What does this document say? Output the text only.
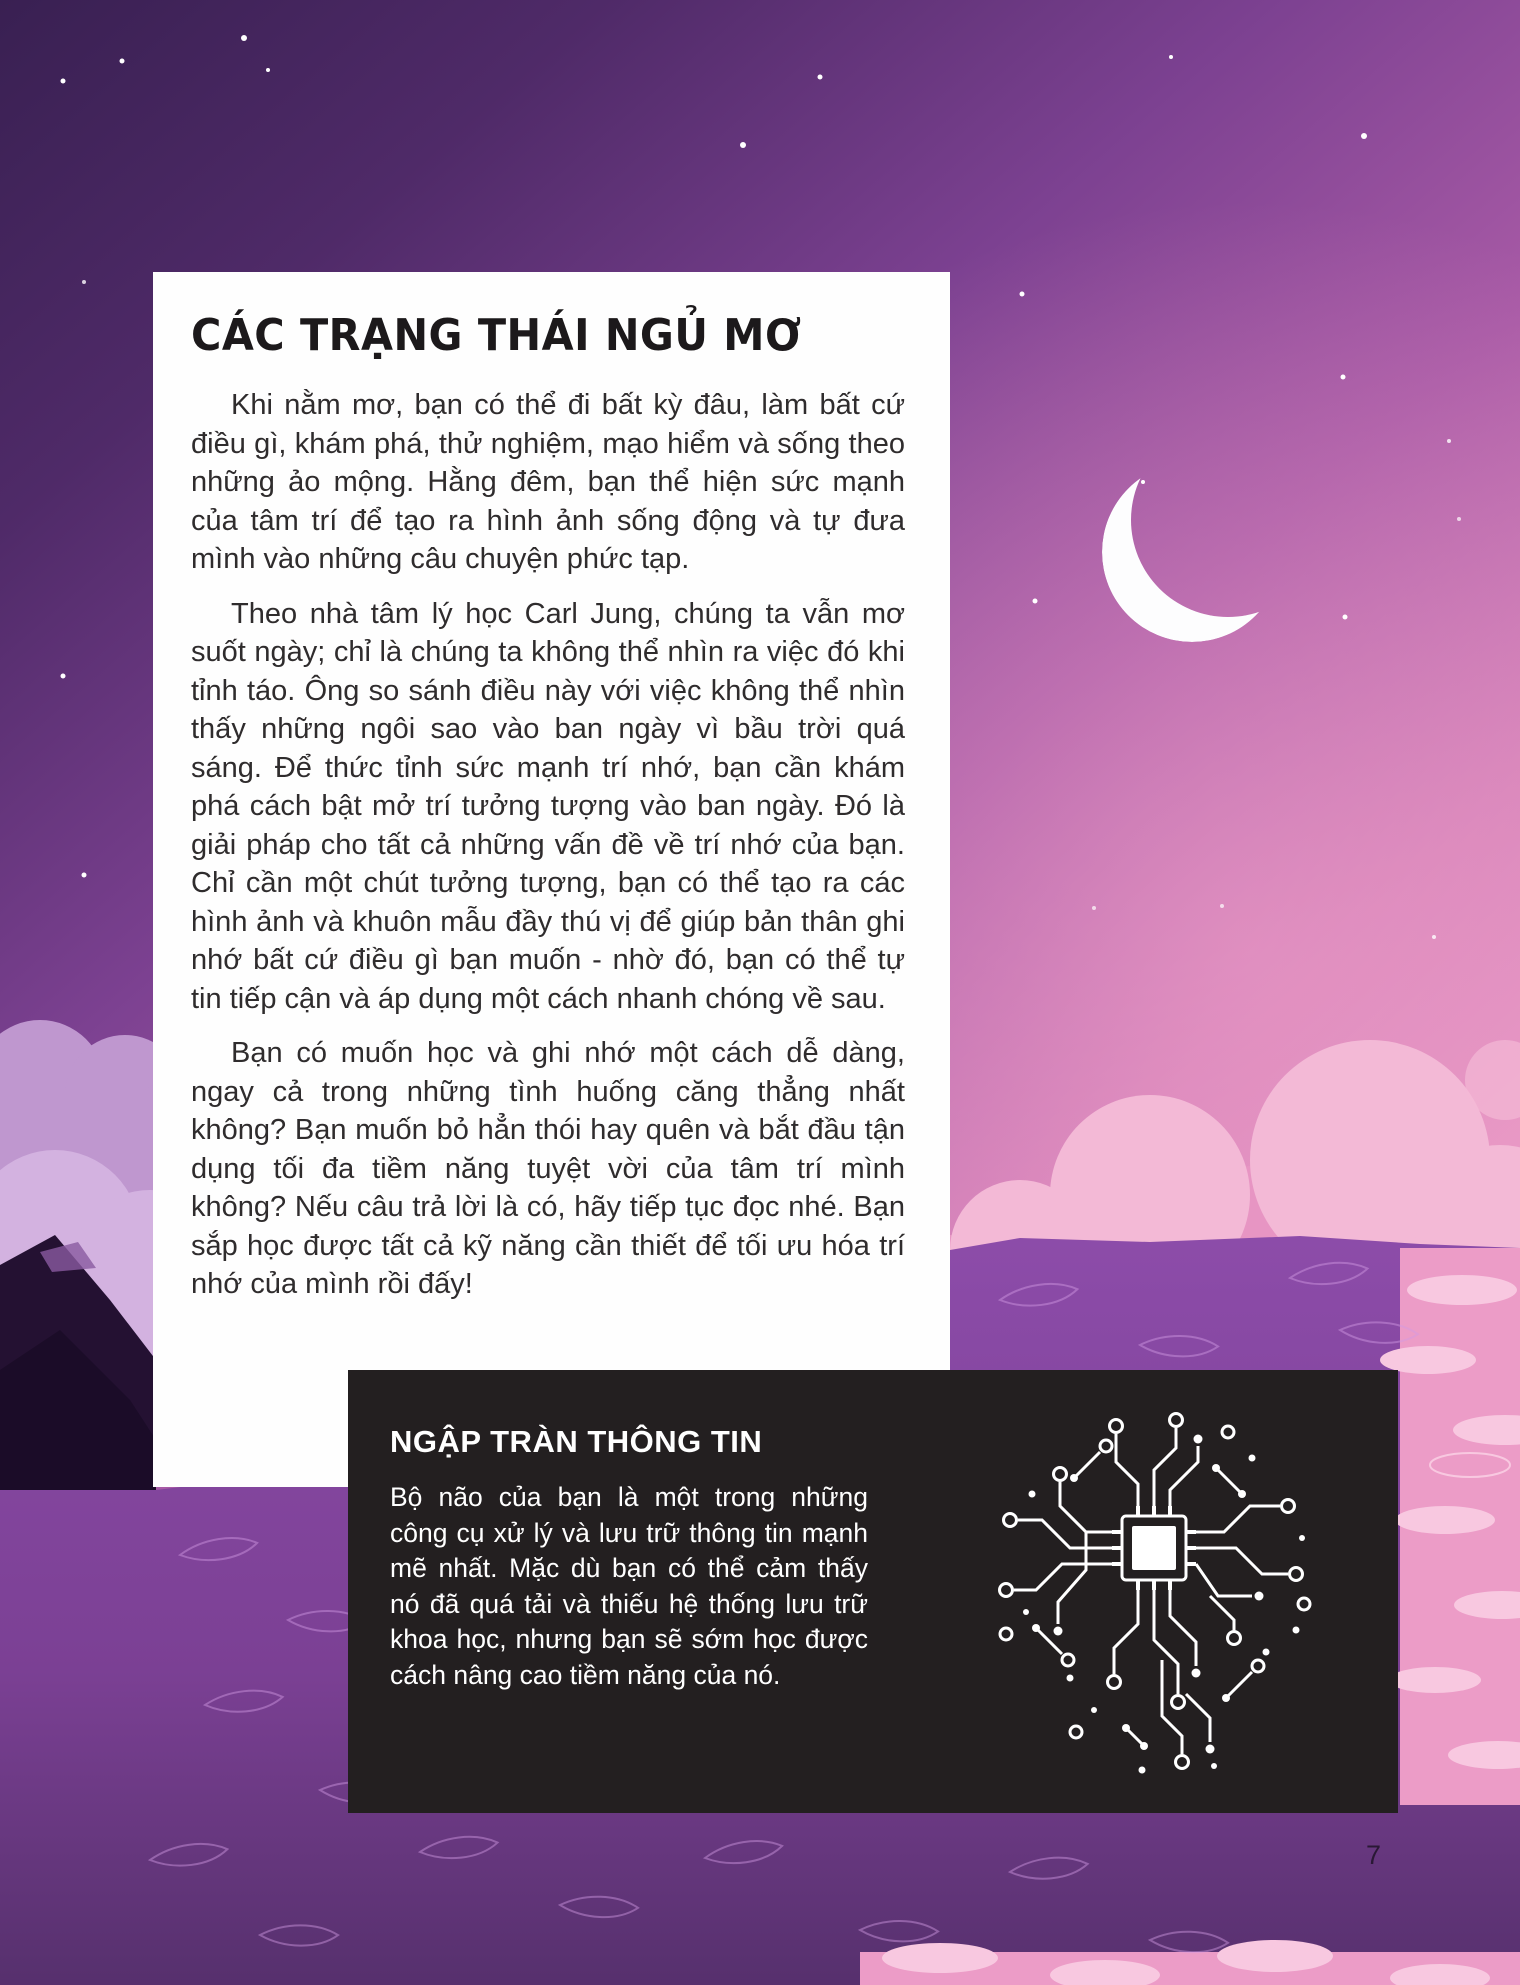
CÁC TRẠNG THÁI NGỦ MƠ

Khi nằm mơ, bạn có thể đi bất kỳ đâu, làm bất cứ điều gì, khám phá, thử nghiệm, mạo hiểm và sống theo những ảo mộng. Hằng đêm, bạn thể hiện sức mạnh của tâm trí để tạo ra hình ảnh sống động và tự đưa mình vào những câu chuyện phức tạp.

Theo nhà tâm lý học Carl Jung, chúng ta vẫn mơ suốt ngày; chỉ là chúng ta không thể nhìn ra việc đó khi tỉnh táo. Ông so sánh điều này với việc không thể nhìn thấy những ngôi sao vào ban ngày vì bầu trời quá sáng. Để thức tỉnh sức mạnh trí nhớ, bạn cần khám phá cách bật mở trí tưởng tượng vào ban ngày. Đó là giải pháp cho tất cả những vấn đề về trí nhớ của bạn. Chỉ cần một chút tưởng tượng, bạn có thể tạo ra các hình ảnh và khuôn mẫu đầy thú vị để giúp bản thân ghi nhớ bất cứ điều gì bạn muốn - nhờ đó, bạn có thể tự tin tiếp cận và áp dụng một cách nhanh chóng về sau.

Bạn có muốn học và ghi nhớ một cách dễ dàng, ngay cả trong những tình huống căng thẳng nhất không? Bạn muốn bỏ hẳn thói hay quên và bắt đầu tận dụng tối đa tiềm năng tuyệt vời của tâm trí mình không? Nếu câu trả lời là có, hãy tiếp tục đọc nhé. Bạn sắp học được tất cả kỹ năng cần thiết để tối ưu hóa trí nhớ của mình rồi đấy!

NGẬP TRÀN THÔNG TIN

Bộ não của bạn là một trong những công cụ xử lý và lưu trữ thông tin mạnh mẽ nhất. Mặc dù bạn có thể cảm thấy nó đã quá tải và thiếu hệ thống lưu trữ khoa học, nhưng bạn sẽ sớm học được cách nâng cao tiềm năng của nó.

7
